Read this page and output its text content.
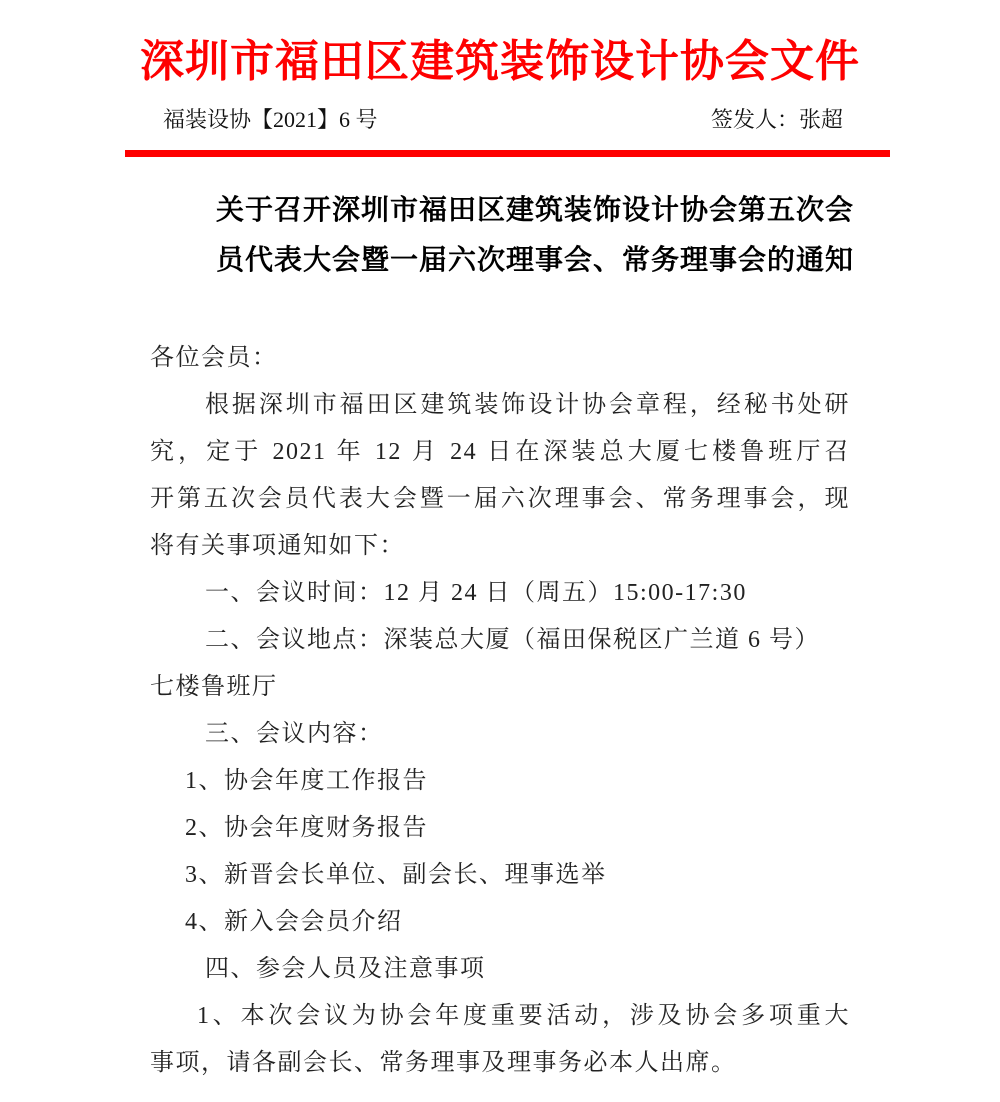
深圳市福田区建筑装饰设计协会文件
福装设协【2021】6 号	签发人：张超
关于召开深圳市福田区建筑装饰设计协会第五次会
员代表大会暨一届六次理事会、常务理事会的通知
各位会员：
根据深圳市福田区建筑装饰设计协会章程，经秘书处研
究，定于 2021 年 12 月 24 日在深装总大厦七楼鲁班厅召
开第五次会员代表大会暨一届六次理事会、常务理事会，现
将有关事项通知如下：
一、会议时间：12 月 24 日（周五）15:00-17:30
二、会议地点：深装总大厦（福田保税区广兰道 6 号）
七楼鲁班厅
三、会议内容：
1、协会年度工作报告
2、协会年度财务报告
3、新晋会长单位、副会长、理事选举
4、新入会会员介绍
四、参会人员及注意事项
1、本次会议为协会年度重要活动，涉及协会多项重大
事项，请各副会长、常务理事及理事务必本人出席。
